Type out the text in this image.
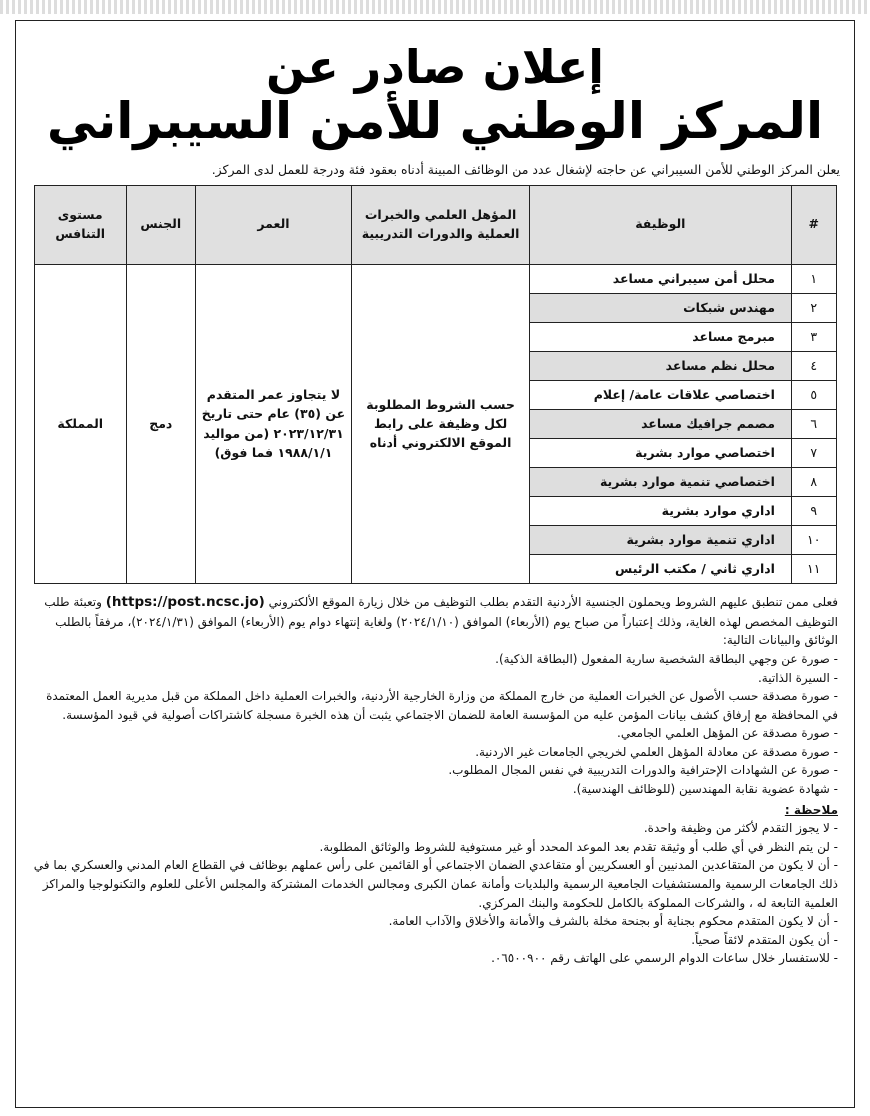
إعلان صادر عن
المركز الوطني للأمن السيبراني
يعلن المركز الوطني للأمن السيبراني عن حاجته لإشغال عدد من الوظائف المبينة أدناه بعقود فئة ودرجة للعمل لدى المركز.
#	الوظيفة	المؤهل العلمي والخبرات العملية والدورات التدريبية	العمر	الجنس	مستوى التنافس
١	محلل أمن سيبراني مساعد	حسب الشروط المطلوبة لكل وظيفة على رابط الموقع الالكتروني أدناه	لا يتجاوز عمر المتقدم عن (٣٥) عام حتى تاريخ ٢٠٢٣/١٢/٣١ (من مواليد ١٩٨٨/١/١ فما فوق)	دمج	المملكة
٢	مهندس شبكات				
٣	مبرمج مساعد				
٤	محلل نظم مساعد				
٥	اختصاصي علاقات عامة/ إعلام				
٦	مصمم جرافيك مساعد				
٧	اختصاصي موارد بشرية				
٨	اختصاصي تنمية موارد بشرية				
٩	اداري موارد بشرية				
١٠	اداري تنمية موارد بشرية				
١١	اداري ثاني / مكتب الرئيس				

فعلى ممن تنطبق عليهم الشروط ويحملون الجنسية الأردنية التقدم بطلب التوظيف من خلال زيارة الموقع الألكتروني (https://post.ncsc.jo) وتعبئة طلب التوظيف المخصص لهذه الغاية، وذلك إعتباراً من صباح يوم (الأربعاء) الموافق (٢٠٢٤/١/١٠) ولغاية إنتهاء دوام يوم (الأربعاء) الموافق (٢٠٢٤/١/٣١)، مرفقاً بالطلب الوثائق والبيانات التالية:

- صورة عن وجهي البطاقة الشخصية سارية المفعول (البطاقة الذكية).

- السيرة الذاتية.

- صورة مصدقة حسب الأصول عن الخبرات العملية من خارج المملكة من وزارة الخارجية الأردنية، والخبرات العملية داخل المملكة من قبل مديرية العمل المعتمدة في المحافظة مع إرفاق كشف بيانات المؤمن عليه من المؤسسة العامة للضمان الاجتماعي يثبت أن هذه الخبرة مسجلة كاشتراكات أصولية في قيود المؤسسة.

- صورة مصدقة عن المؤهل العلمي الجامعي.

- صورة مصدقة عن معادلة المؤهل العلمي لخريجي الجامعات غير الاردنية.

- صورة عن الشهادات الإحترافية والدورات التدريبية في نفس المجال المطلوب.

- شهادة عضوية نقابة المهندسين (للوظائف الهندسية).

ملاحظة :

- لا يجوز التقدم لأكثر من وظيفة واحدة.

- لن يتم النظر في أي طلب أو وثيقة تقدم بعد الموعد المحدد أو غير مستوفية للشروط والوثائق المطلوبة.

- أن لا يكون من المتقاعدين المدنيين أو العسكريين أو متقاعدي الضمان الاجتماعي أو القائمين على رأس عملهم بوظائف في القطاع العام المدني والعسكري بما في ذلك الجامعات الرسمية والمستشفيات الجامعية الرسمية والبلديات وأمانة عمان الكبرى ومجالس الخدمات المشتركة والمجلس الأعلى للعلوم والتكنولوجيا والمراكز العلمية التابعة له ، والشركات المملوكة بالكامل للحكومة والبنك المركزي.

- أن لا يكون المتقدم محكوم بجناية أو بجنحة مخلة بالشرف والأمانة والأخلاق والآداب العامة.

- أن يكون المتقدم لائقاً صحياً.

- للاستفسار خلال ساعات الدوام الرسمي على الهاتف رقم ٠٦٥٠٠٩٠٠.
